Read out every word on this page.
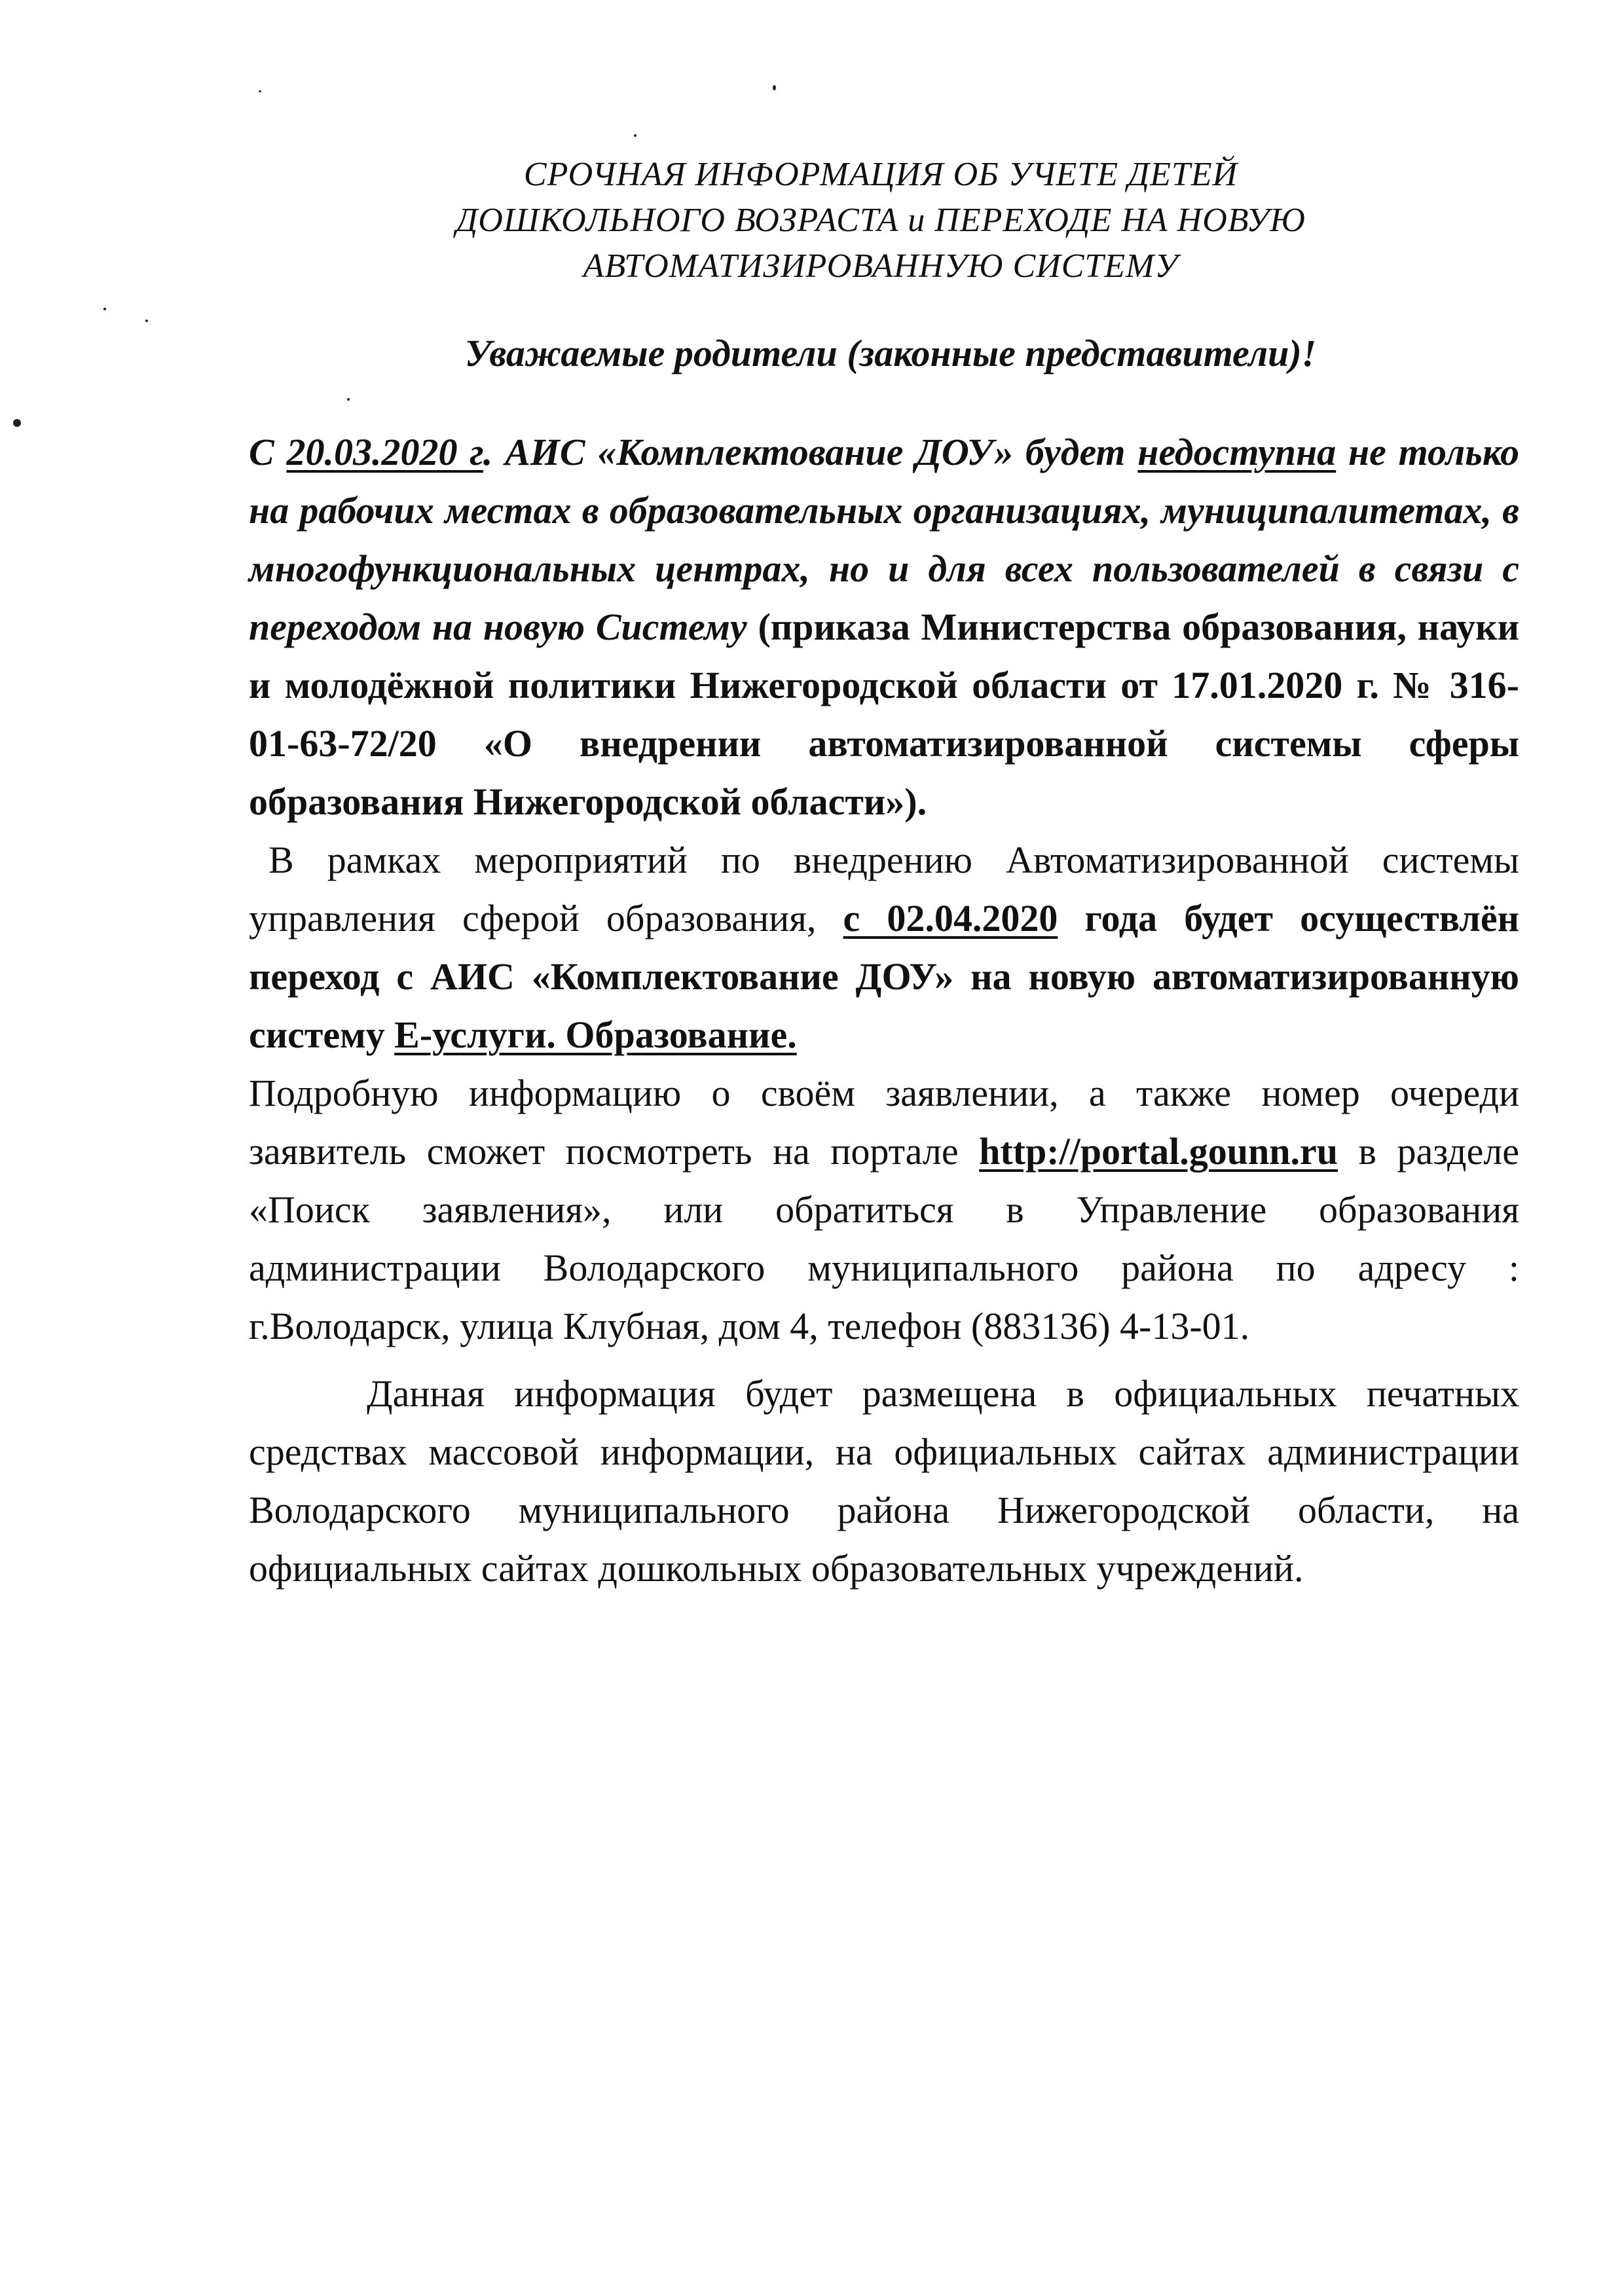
СРОЧНАЯ ИНФОРМАЦИЯ ОБ УЧЕТЕ ДЕТЕЙ
ДОШКОЛЬНОГО ВОЗРАСТА и ПЕРЕХОДЕ НА НОВУЮ
АВТОМАТИЗИРОВАННУЮ СИСТЕМУ
Уважаемые родители (законные представители)!

С 20.03.2020 г. АИС «Комплектование ДОУ» будет недоступна не только на рабочих местах в образовательных организациях, муниципалитетах, в многофункциональных центрах, но и для всех пользователей в связи с переходом на новую Систему (приказа Министерства образования, науки и молодёжной политики Нижегородской области от 17.01.2020 г. № 316-01-63-72/20 «О внедрении автоматизированной системы сферы образования Нижегородской области»).

В рамках мероприятий по внедрению Автоматизированной системы управления сферой образования, с 02.04.2020 года будет осуществлён переход с АИС «Комплектование ДОУ» на новую автоматизированную систему Е-услуги. Образование.

Подробную информацию о своём заявлении, а также номер очереди заявитель сможет посмотреть на портале http://portal.gounn.ru в разделе «Поиск заявления», или обратиться в Управление образования администрации Володарского муниципального района по адресу : г.Володарск, улица Клубная, дом 4, телефон (883136) 4-13-01.

Данная информация будет размещена в официальных печатных средствах массовой информации, на официальных сайтах администрации Володарского муниципального района Нижегородской области, на официальных сайтах дошкольных образовательных учреждений.
